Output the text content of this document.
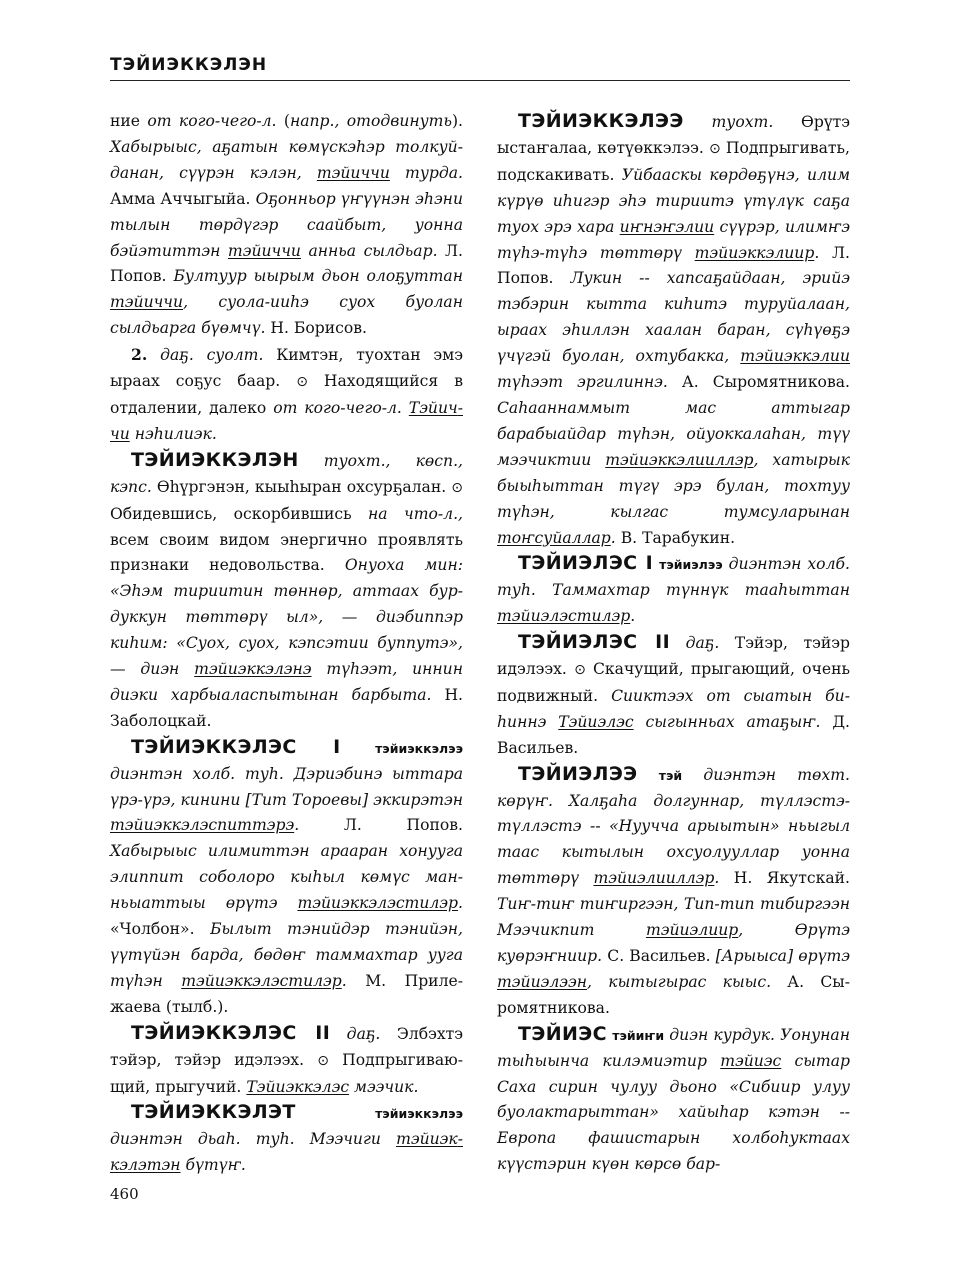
ТЭЙИЭККЭЛЭН

ние от кого-чего-л. (напр., отодвинуть). Хабырыыс, аҕатын көмүскэһэр толкуйданан, сүүрэн кэлэн, тэйиччи турда. Амма Аччыгыйа. Оҕонньор үҥүүнэн эһэни тылын төрдүгэр саайбыт, уонна бэйэтиттэн тэйиччи анньа сылдьар. Л. Попов. Бултуур ыырым дьон олоҕуттан тэйиччи, суола-ииһэ суох буолан сылдьарга бүөмчү. Н. Борисов.

2. даҕ. суолт. Кимтэн, туохтан эмэ ыраах соҕус баар. ⊙ Находящийся в отдалении, далеко от кого-чего-л. Тэйиччи нэһилиэк.

ТЭЙИЭККЭЛЭН туохт., көсп., кэпс. Өһүргэнэн, кыыһыран охсурҕалан. ⊙ Обидевшись, оскорбившись на что-л., всем своим видом энергично проявлять признаки недовольства. Онуоха мин: «Эһэм тириитин төннөр, аттаах бурдуккун төттөрү ыл», — диэбиппэр киһим: «Суох, суох, кэпсэтии буппутэ», — диэн тэйиэккэлэнэ түһээт, иннин диэки харбыаласпытынан барбыта. Н. Заболоцкай.

ТЭЙИЭККЭЛЭС I	тэйиэккэлээ диэнтэн холб. туһ. Дэриэбинэ ыттара үрэ-үрэ, кинини [Тит Тороевы] эккирэтэн тэйиэккэлэспиттэрэ. Л. Попов. Хабырыыс илимиттэн арааран хонууга элиппит соболоро кыһыл көмүс манньыаттыы өрүтэ тэйиэккэлэстилэр. «Чолбон». Былыт тэнийдэр тэнийэн, үүтүйэн барда, бөдөҥ таммахтар ууга түһэн тэйиэккэлэстилэр. М. Прилeжаева (тылб.).

ТЭЙИЭККЭЛЭС II даҕ. Элбэхтэ тэйэр, тэйэр идэлээх. ⊙ Подпрыгивающий, прыгучий. Тэйиэккэлэс мээчик.

ТЭЙИЭККЭЛЭТ	тэйиэккэлээ диэнтэн дьаһ. туһ. Мээчиги тэйиэккэлэтэн бүтүҥ.

ТЭЙИЭККЭЛЭЭ туохт. Өрүтэ ыстаҥалаа, көтүөккэлээ. ⊙ Подпрыгивать, подскакивать. Уйбааскы көрдөҕүнэ, илим күрүө иһигэр эһэ тириитэ үтүлүк саҕа туох эрэ хара иҥнэҥэлии сүүрэр, илимҥэ түһэ-түһэ төттөрү тэйиэккэлиир. Л. Попов. Лукин -- хапсаҕайдаан, эрийэ тэбэрин кытта киһитэ туруйалаан, ыраах эһиллэн хаалан баран, сүһүөҕэ үчүгэй буолан, охтубакка, тэйиэккэлии түһээт эргилиннэ. А. Сыромятникова. Саһааннаммыт мас аттыгар барабыайдар түһэн, ойуоккалаһан, түү мээчиктии тэйиэккэлииллэр, хатырык быыһыттан түгү эрэ булан, тохтуу түһэн, кылгас тумсуларынан тоҥсуйаллар. В. Тарабукин.

ТЭЙИЭЛЭС I тэйиэлээ диэнтэн холб. туһ. Таммахтар түннүк тааһыттан тэйиэлэстилэр.

ТЭЙИЭЛЭС II даҕ. Тэйэр, тэйэр идэлээх. ⊙ Скачущий, прыгающий, очень подвижный. Сииктээх от сыатын биһиннэ Тэйиэлэс сыгынньах атаҕыҥ. Д. Васильев.

ТЭЙИЭЛЭЭ тэй диэнтэн төхт. көрүҥ. Халҕаһа долгуннар, түллэстэтүллэстэ -- «Нуучча арыытын» ньыгыл таас кытылын охсуолууллар уонна төттөрү тэйиэлииллэр. Н. Якутскай. Тиҥ-тиҥ тиҥиргээн, Тип-тип тибиргээн Мээчикпит тэйиэлиир, Өрүтэ куөрэҥниир. С. Васильев. [Арыыса] өрүтэ тэйиэлээн, кытыгырас кыыс. А. Сыромятникова.

ТЭЙИЭС тэйиҥи диэн курдук. Уонунан тыһыынча килэмиэтир тэйиэс сытар Саха сирин чулуу дьоно «Сибиир улуу буолактарыттан» хайыһар кэтэн -- Европа фашистарын холбоһуктаах күүстэрин күөн көрсө бар-

460
